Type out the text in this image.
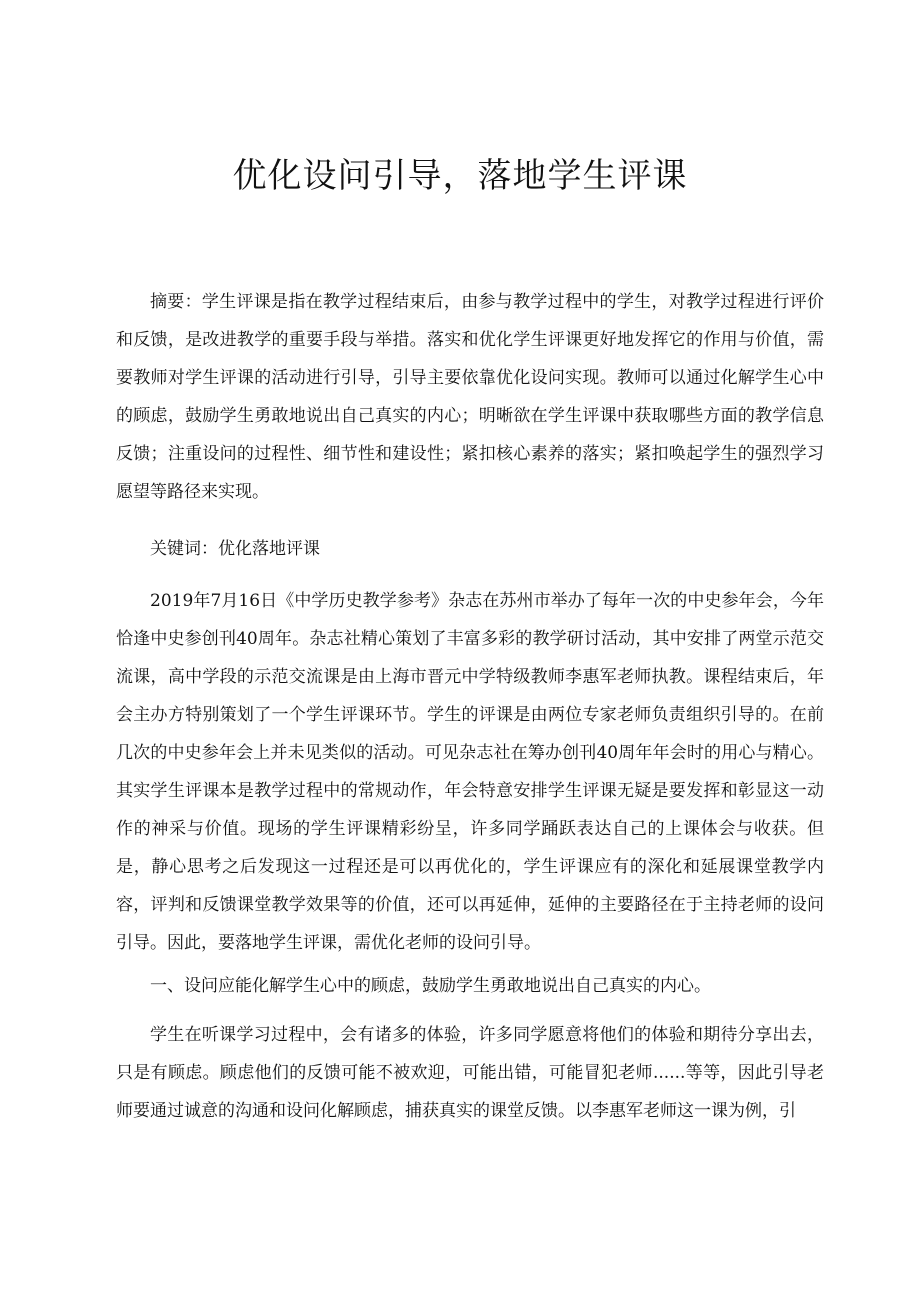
优化设问引导，落地学生评课

摘要：学生评课是指在教学过程结束后，由参与教学过程中的学生，对教学过程进行评价和反馈，是改进教学的重要手段与举措。落实和优化学生评课更好地发挥它的作用与价值，需要教师对学生评课的活动进行引导，引导主要依靠优化设问实现。教师可以通过化解学生心中的顾虑，鼓励学生勇敢地说出自己真实的内心；明晰欲在学生评课中获取哪些方面的教学信息反馈；注重设问的过程性、细节性和建设性；紧扣核心素养的落实；紧扣唤起学生的强烈学习愿望等路径来实现。

关键词：优化落地评课

2019年7月16日《中学历史教学参考》杂志在苏州市举办了每年一次的中史参年会，今年恰逢中史参创刊40周年。杂志社精心策划了丰富多彩的教学研讨活动，其中安排了两堂示范交流课，高中学段的示范交流课是由上海市晋元中学特级教师李惠军老师执教。课程结束后，年会主办方特别策划了一个学生评课环节。学生的评课是由两位专家老师负责组织引导的。在前几次的中史参年会上并未见类似的活动。可见杂志社在筹办创刊40周年年会时的用心与精心。其实学生评课本是教学过程中的常规动作，年会特意安排学生评课无疑是要发挥和彰显这一动作的神采与价值。现场的学生评课精彩纷呈，许多同学踊跃表达自己的上课体会与收获。但是，静心思考之后发现这一过程还是可以再优化的，学生评课应有的深化和延展课堂教学内容，评判和反馈课堂教学效果等的价值，还可以再延伸，延伸的主要路径在于主持老师的设问引导。因此，要落地学生评课，需优化老师的设问引导。

一、设问应能化解学生心中的顾虑，鼓励学生勇敢地说出自己真实的内心。

学生在听课学习过程中，会有诸多的体验，许多同学愿意将他们的体验和期待分享出去，只是有顾虑。顾虑他们的反馈可能不被欢迎，可能出错，可能冒犯老师......等等，因此引导老师要通过诚意的沟通和设问化解顾虑，捕获真实的课堂反馈。以李惠军老师这一课为例，引
